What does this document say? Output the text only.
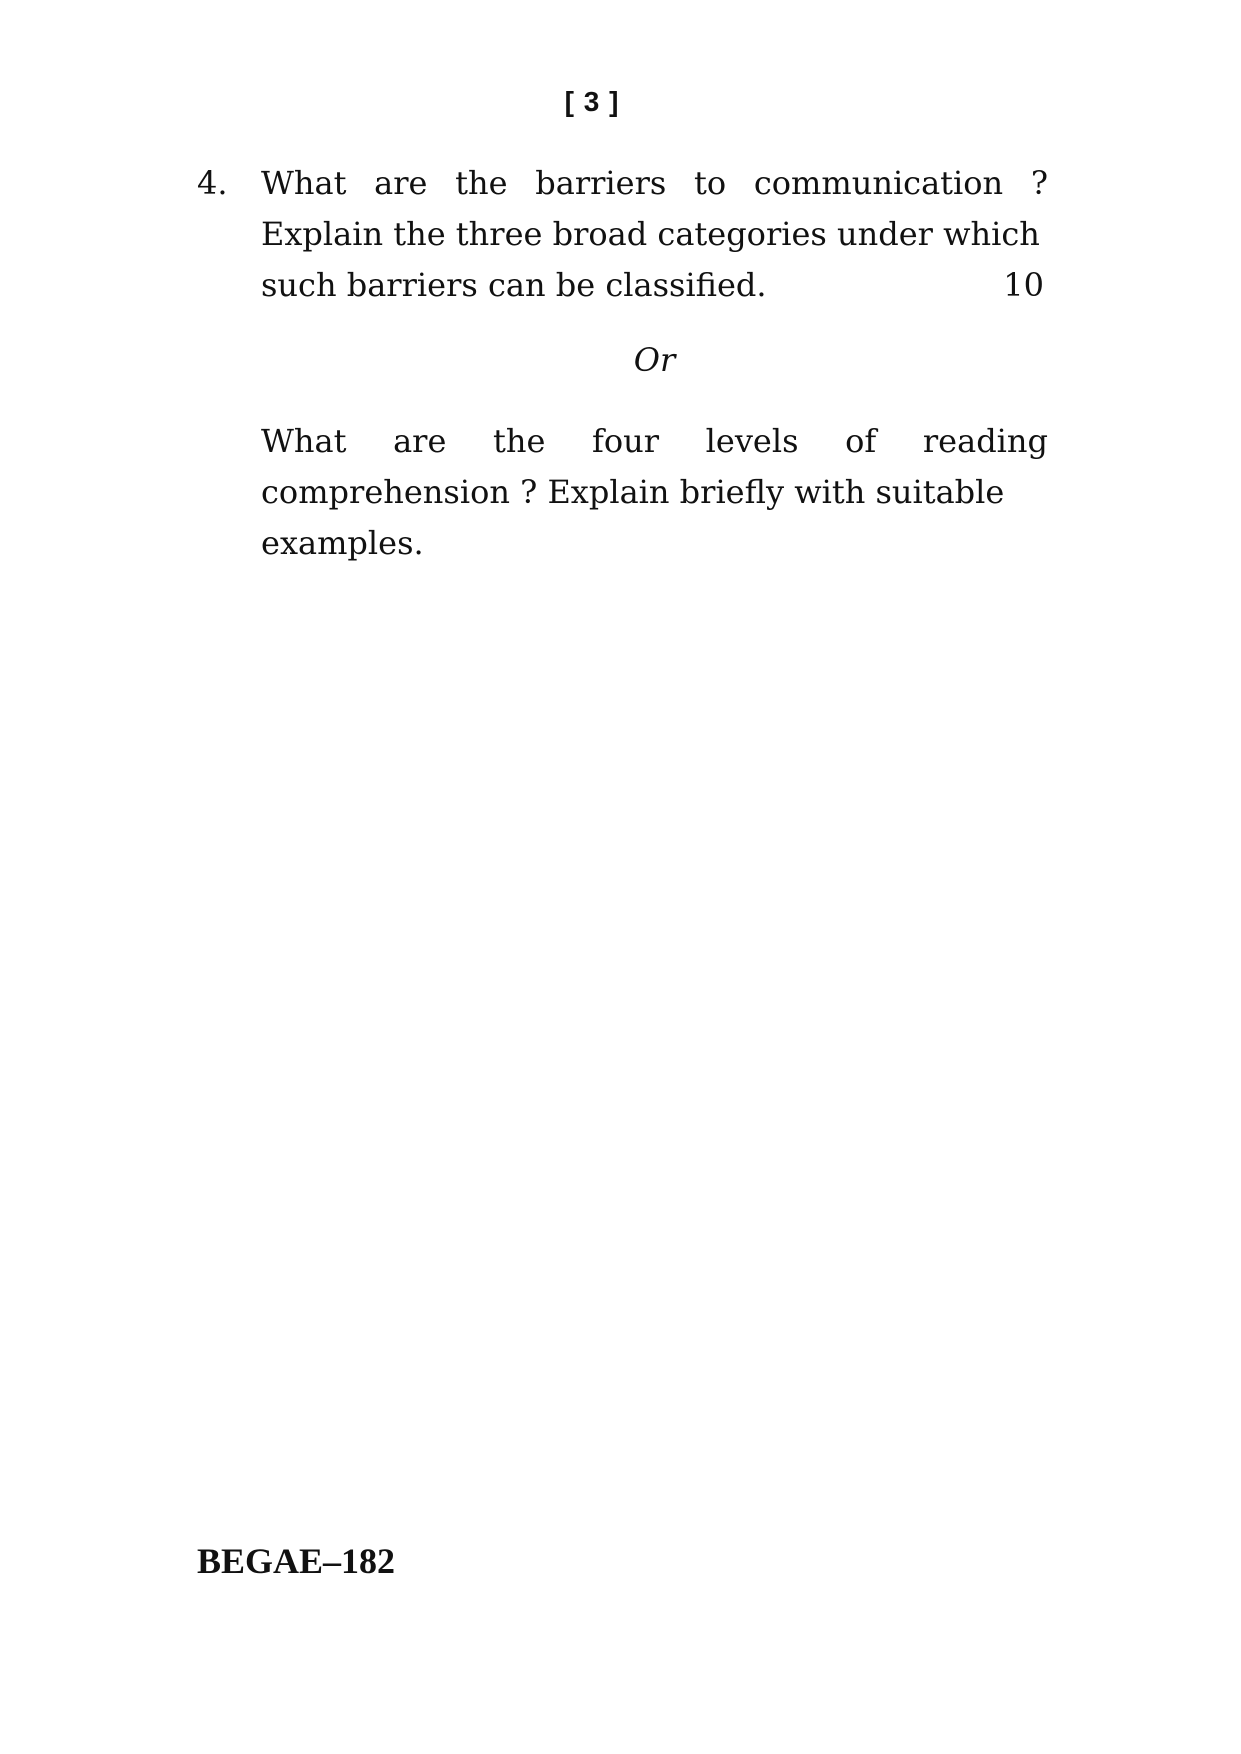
[ 3 ]
4. What are the barriers to communication ? Explain the three broad categories under which

such barriers can be classified.	10
Or

What are the four levels of reading comprehension ? Explain briefly with suitable

examples.
BEGAE–182
